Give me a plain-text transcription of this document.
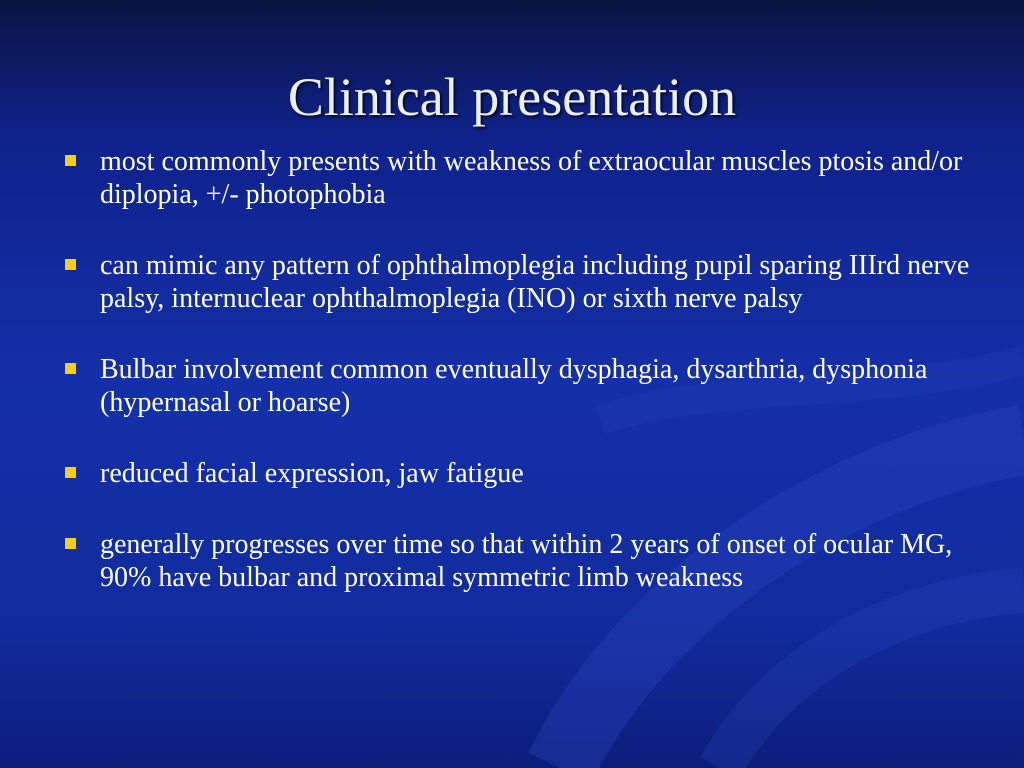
Clinical presentation
most commonly presents with weakness of extraocular muscles ptosis and/or diplopia, +/- photophobia
can mimic any pattern of ophthalmoplegia including pupil sparing IIIrd nerve palsy, internuclear ophthalmoplegia (INO) or sixth nerve palsy
Bulbar involvement common eventually dysphagia, dysarthria, dysphonia (hypernasal or hoarse)
reduced facial expression, jaw fatigue
generally progresses over time so that within 2 years of onset of ocular MG, 90% have bulbar and proximal symmetric limb weakness
